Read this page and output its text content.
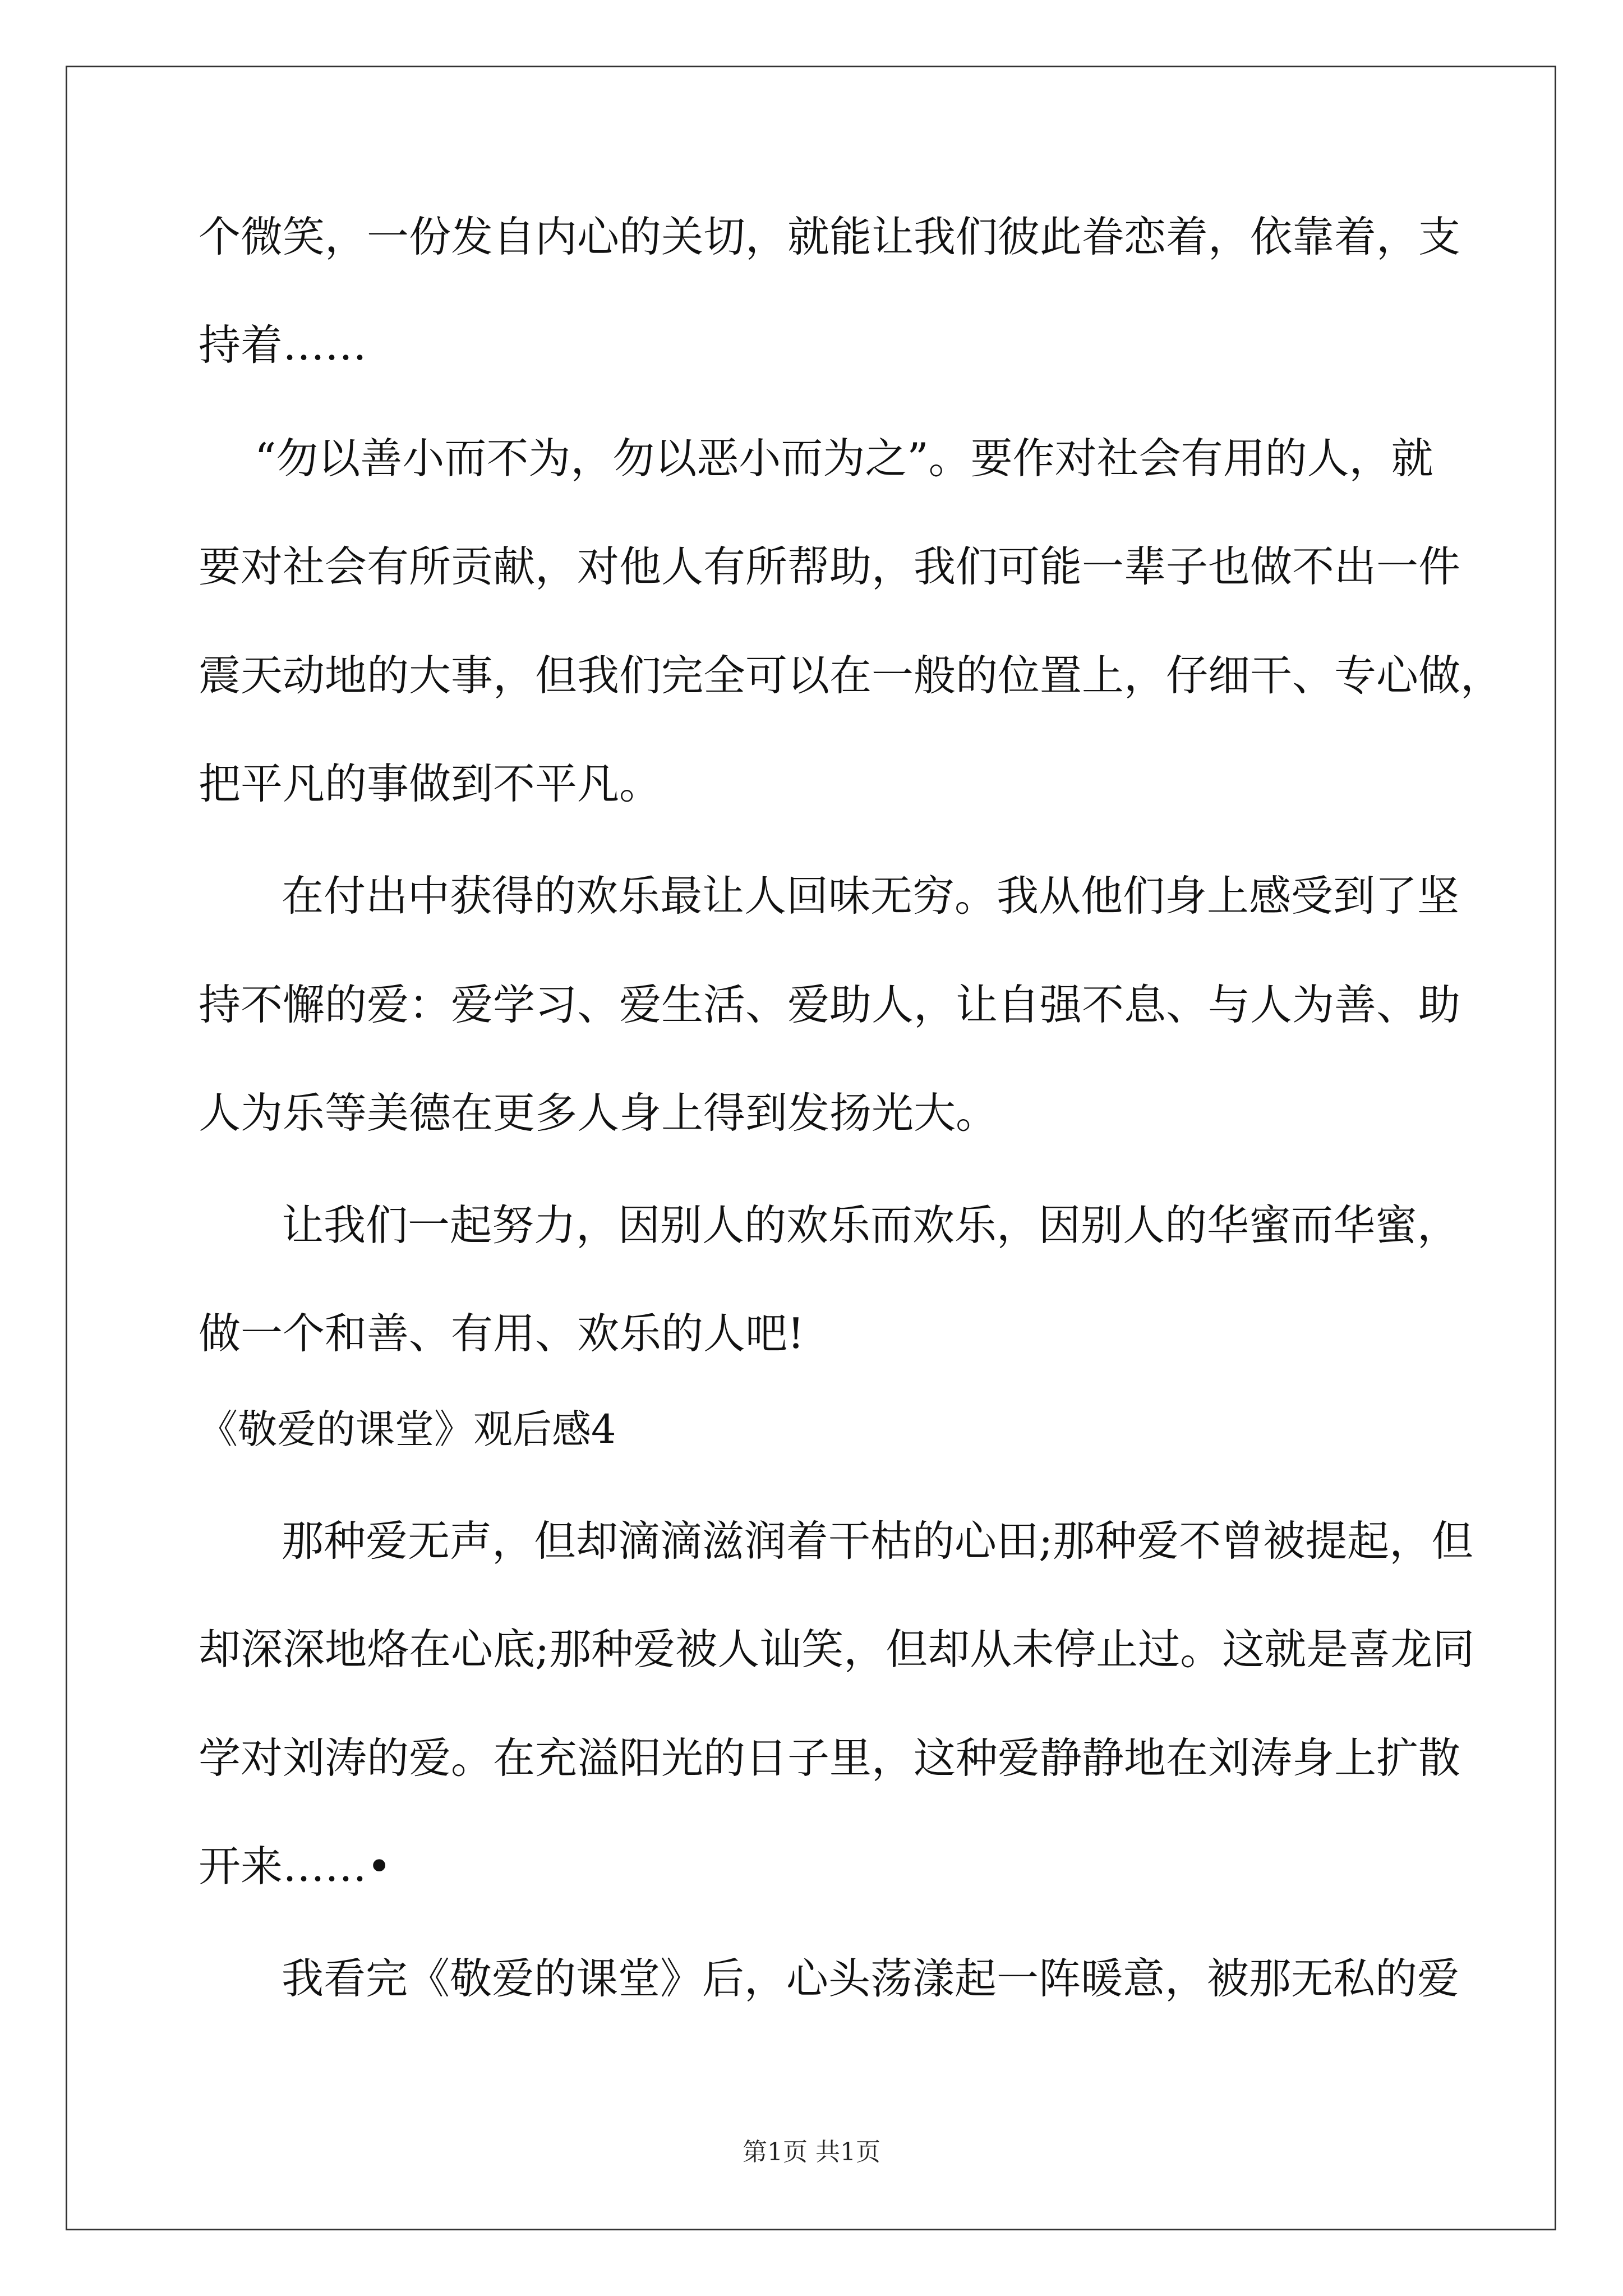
个微笑，一份发自内心的关切，就能让我们彼此眷恋着，依靠着，支
持着……
“勿以善小而不为，勿以恶小而为之”。要作对社会有用的人，就
要对社会有所贡献，对他人有所帮助，我们可能一辈子也做不出一件
震天动地的大事，但我们完全可以在一般的位置上，仔细干、专心做，
把平凡的事做到不平凡。
在付出中获得的欢乐最让人回味无穷。我从他们身上感受到了坚
持不懈的爱：爱学习、爱生活、爱助人，让自强不息、与人为善、助
人为乐等美德在更多人身上得到发扬光大。
让我们一起努力，因别人的欢乐而欢乐，因别人的华蜜而华蜜，
做一个和善、有用、欢乐的人吧!
《敬爱的课堂》观后感4
那种爱无声，但却滴滴滋润着干枯的心田;那种爱不曾被提起，但
却深深地烙在心底;那种爱被人讪笑，但却从未停止过。这就是喜龙同
学对刘涛的爱。在充溢阳光的日子里，这种爱静静地在刘涛身上扩散
开来……•
我看完《敬爱的课堂》后，心头荡漾起一阵暖意，被那无私的爱
第1页 共1页
